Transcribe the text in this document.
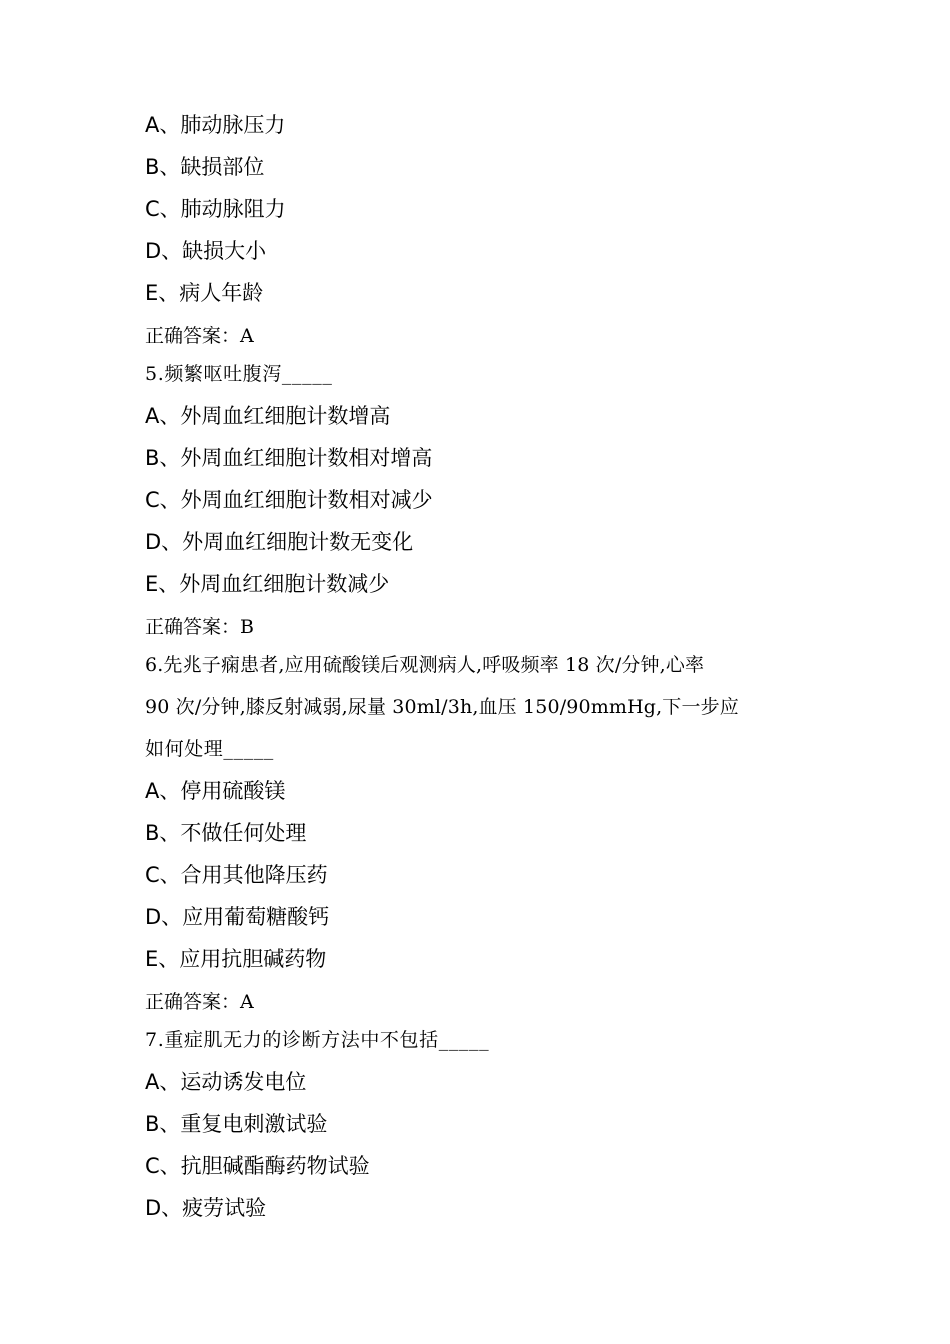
A、肺动脉压力
B、缺损部位
C、肺动脉阻力
D、缺损大小
E、病人年龄
正确答案：A
5.频繁呕吐腹泻_____
A、外周血红细胞计数增高
B、外周血红细胞计数相对增高
C、外周血红细胞计数相对减少
D、外周血红细胞计数无变化
E、外周血红细胞计数减少
正确答案：B
6.先兆子痫患者,应用硫酸镁后观测病人,呼吸频率 18 次/分钟,心率
90 次/分钟,膝反射减弱,尿量 30ml/3h,血压 150/90mmHg,下一步应
如何处理_____
A、停用硫酸镁
B、不做任何处理
C、合用其他降压药
D、应用葡萄糖酸钙
E、应用抗胆碱药物
正确答案：A
7.重症肌无力的诊断方法中不包括_____
A、运动诱发电位
B、重复电刺激试验
C、抗胆碱酯酶药物试验
D、疲劳试验
